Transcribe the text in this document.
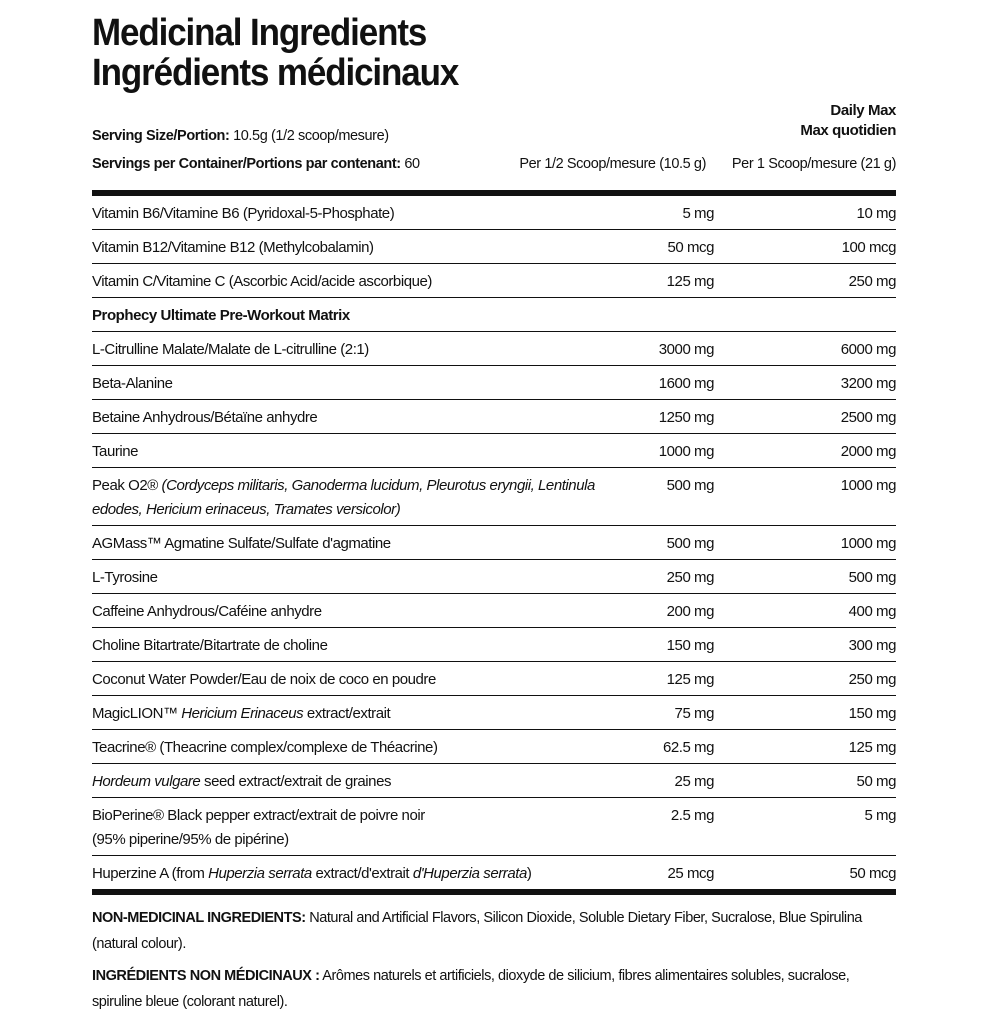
Medicinal Ingredients
Ingrédients médicinaux
Serving Size/Portion: 10.5g (1/2 scoop/mesure)
Servings per Container/Portions par contenant: 60
Daily Max
Max quotidien
Per 1/2 Scoop/mesure (10.5 g) Per 1 Scoop/mesure (21 g)
Vitamin B6/Vitamine B6 (Pyridoxal-5-Phosphate)	5 mg	10 mg
Vitamin B12/Vitamine B12 (Methylcobalamin)	50 mcg	100 mcg
Vitamin C/Vitamine C (Ascorbic Acid/acide ascorbique)	125 mg	250 mg
Prophecy Ultimate Pre-Workout Matrix		
L-Citrulline Malate/Malate de L-citrulline (2:1)	3000 mg	6000 mg
Beta-Alanine	1600 mg	3200 mg
Betaine Anhydrous/Bétaïne anhydre	1250 mg	2500 mg
Taurine	1000 mg	2000 mg
Peak O2® (Cordyceps militaris, Ganoderma lucidum, Pleurotus eryngii, Lentinula edodes, Hericium erinaceus, Tramates versicolor)	500 mg	1000 mg
AGMass™ Agmatine Sulfate/Sulfate d'agmatine	500 mg	1000 mg
L-Tyrosine	250 mg	500 mg
Caffeine Anhydrous/Caféine anhydre	200 mg	400 mg
Choline Bitartrate/Bitartrate de choline	150 mg	300 mg
Coconut Water Powder/Eau de noix de coco en poudre	125 mg	250 mg
MagicLION™ Hericium Erinaceus extract/extrait	75 mg	150 mg
Teacrine® (Theacrine complex/complexe de Théacrine)	62.5 mg	125 mg
Hordeum vulgare seed extract/extrait de graines	25 mg	50 mg
BioPerine® Black pepper extract/extrait de poivre noir
(95% piperine/95% de pipérine)	2.5 mg	5 mg
Huperzine A (from Huperzia serrata extract/d'extrait d'Huperzia serrata)	25 mcg	50 mcg

NON-MEDICINAL INGREDIENTS: Natural and Artificial Flavors, Silicon Dioxide, Soluble Dietary Fiber, Sucralose, Blue Spirulina (natural colour).

INGRÉDIENTS NON MÉDICINAUX : Arômes naturels et artificiels, dioxyde de silicium, fibres alimentaires solubles, sucralose, spiruline bleue (colorant naturel).
